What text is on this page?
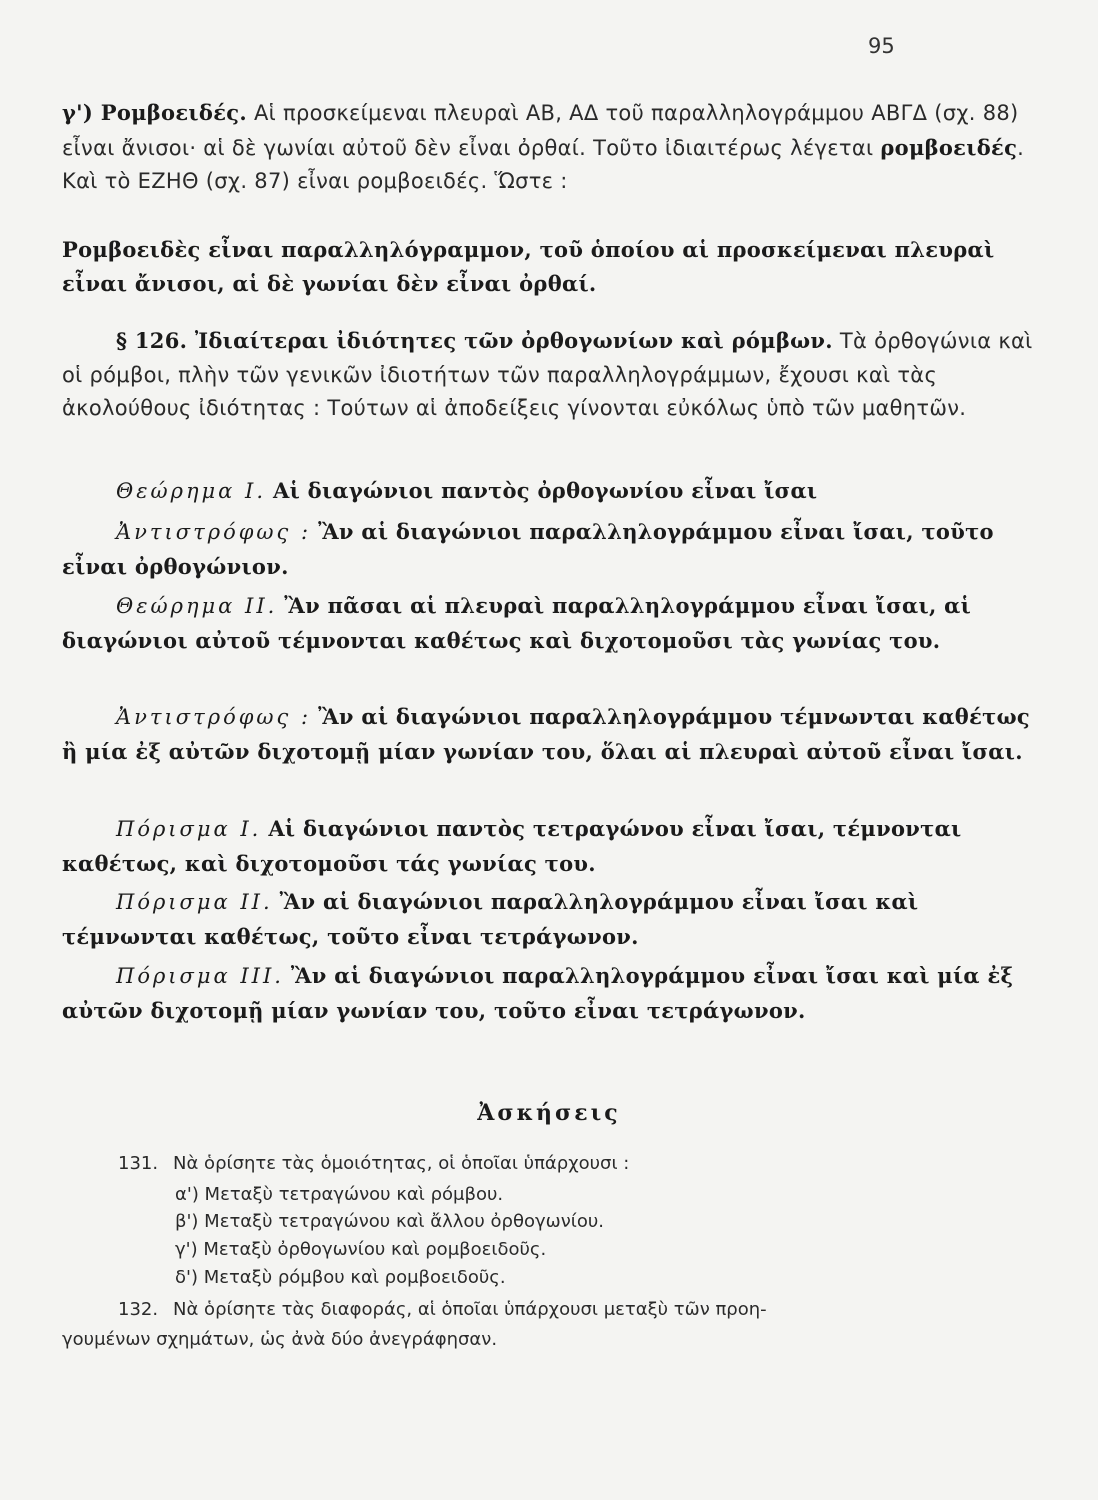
95

γ') Ρομβοειδές. Αἱ προσκείμεναι πλευραὶ ΑΒ, ΑΔ τοῦ παραλληλογράμμου ΑΒΓΔ (σχ. 88) εἶναι ἄνισοι· αἱ δὲ γωνίαι αὐτοῦ δὲν εἶναι ὀρθαί. Τοῦτο ἰδιαιτέρως λέγεται ρομβοειδές. Καὶ τὸ ΕΖΗΘ (σχ. 87) εἶναι ρομβοειδές. Ὥστε :

Ρομβοειδὲς εἶναι παραλληλόγραμμον, τοῦ ὁποίου αἱ προσκείμεναι πλευραὶ εἶναι ἄνισοι, αἱ δὲ γωνίαι δὲν εἶναι ὀρθαί.

§ 126. Ἰδιαίτεραι ἰδιότητες τῶν ὀρθογωνίων καὶ ρόμβων. Τὰ ὀρθογώνια καὶ οἱ ρόμβοι, πλὴν τῶν γενικῶν ἰδιοτήτων τῶν παραλληλογράμμων, ἔχουσι καὶ τὰς ἀκολούθους ἰδιότητας : Τούτων αἱ ἀποδείξεις γίνονται εὐκόλως ὑπὸ τῶν μαθητῶν.

Θεώρημα Ι. Αἱ διαγώνιοι παντὸς ὀρθογωνίου εἶναι ἴσαι

Ἀντιστρόφως : Ἂν αἱ διαγώνιοι παραλληλογράμμου εἶναι ἴσαι, τοῦτο εἶναι ὀρθογώνιον.

Θεώρημα ΙΙ. Ἂν πᾶσαι αἱ πλευραὶ παραλληλογράμμου εἶναι ἴσαι, αἱ διαγώνιοι αὐτοῦ τέμνονται καθέτως καὶ διχοτομοῦσι τὰς γωνίας του.

Ἀντιστρόφως : Ἂν αἱ διαγώνιοι παραλληλογράμμου τέμνωνται καθέτως ἢ μία ἐξ αὐτῶν διχοτομῇ μίαν γωνίαν του, ὅλαι αἱ πλευραὶ αὐτοῦ εἶναι ἴσαι.

Πόρισμα Ι. Αἱ διαγώνιοι παντὸς τετραγώνου εἶναι ἴσαι, τέμνονται καθέτως, καὶ διχοτομοῦσι τάς γωνίας του.

Πόρισμα ΙΙ. Ἂν αἱ διαγώνιοι παραλληλογράμμου εἶναι ἴσαι καὶ τέμνωνται καθέτως, τοῦτο εἶναι τετράγωνον.

Πόρισμα ΙΙΙ. Ἂν αἱ διαγώνιοι παραλληλογράμμου εἶναι ἴσαι καὶ μία ἐξ αὐτῶν διχοτομῇ μίαν γωνίαν του, τοῦτο εἶναι τετράγωνον.

Ἀσκήσεις

131. Νὰ ὁρίσητε τὰς ὁμοιότητας, οἱ ὁποῖαι ὑπάρχουσι :

α') Μεταξὺ τετραγώνου καὶ ρόμβου.

β') Μεταξὺ τετραγώνου καὶ ἄλλου ὀρθογωνίου.

γ') Μεταξὺ ὀρθογωνίου καὶ ρομβοειδοῦς.

δ') Μεταξὺ ρόμβου καὶ ρομβοειδοῦς.

132. Νὰ ὁρίσητε τὰς διαφοράς, αἱ ὁποῖαι ὑπάρχουσι μεταξὺ τῶν προη-

γουμένων σχημάτων, ὡς ἀνὰ δύο ἀνεγράφησαν.
